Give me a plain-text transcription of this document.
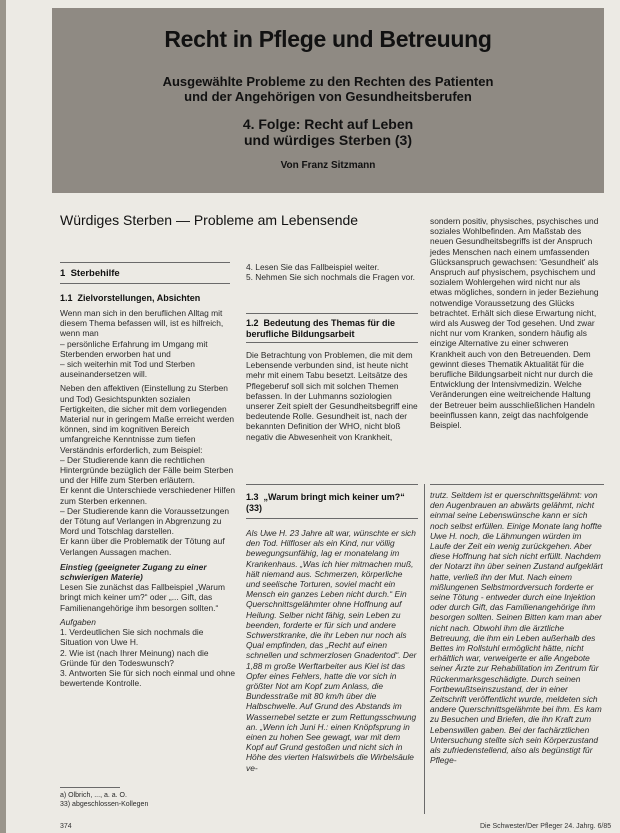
Recht in Pflege und Betreuung
Ausgewählte Probleme zu den Rechten des Patienten
und der Angehörigen von Gesundheitsberufen
4. Folge: Recht auf Leben
und würdiges Sterben (3)
Von Franz Sitzmann
Würdiges Sterben — Probleme am Lebensende
1 Sterbehilfe
1.1 Zielvorstellungen, Absichten

Wenn man sich in den beruflichen Alltag mit diesem Thema befassen will, ist es hilfreich, wenn man

– persönliche Erfahrung im Umgang mit Sterbenden erworben hat und

– sich weiterhin mit Tod und Sterben auseinandersetzen will.

Neben den affektiven (Einstellung zu Sterben und Tod) Gesichtspunkten sozialen Fertigkeiten, die sicher mit dem vorliegenden Material nur in geringem Maße erreicht werden können, sind im kognitiven Bereich umfangreiche Kenntnisse zum tiefen Verständnis erforderlich, zum Beispiel:

– Der Studierende kann die rechtlichen Hintergründe bezüglich der Fälle beim Sterben und der Hilfe zum Sterben erläutern.

Er kennt die Unterschiede verschiedener Hilfen zum Sterben erkennen.

– Der Studierende kann die Voraussetzungen der Tötung auf Verlangen in Abgrenzung zu Mord und Totschlag darstellen.

Er kann über die Problematik der Tötung auf Verlangen Aussagen machen.

Einstieg (geeigneter Zugang zu einer schwierigen Materie)

Lesen Sie zunächst das Fallbeispiel „Warum bringt mich keiner um?“ oder „... Gift, das Familienangehörige ihm besorgen sollten.“

Aufgaben

1. Verdeutlichen Sie sich nochmals die Situation von Uwe H.

2. Wie ist (nach Ihrer Meinung) nach die Gründe für den Todeswunsch?

3. Antworten Sie für sich noch einmal und ohne bewertende Kontrolle.

a) Olbrich, ..., a. a. O.

33) abgeschlossen-Kollegen

4. Lesen Sie das Fallbeispiel weiter.

5. Nehmen Sie sich nochmals die Fragen vor.

1.2 Bedeutung des Themas für die berufliche Bildungsarbeit
Die Betrachtung von Problemen, die mit dem Lebensende verbunden sind, ist heute nicht mehr mit einem Tabu besetzt. Leitsätze des Pflegeberuf soll sich mit solchen Themen befassen. In der Luhmanns soziologien unserer Zeit spielt der Gesundheitsbegriff eine bedeutende Rolle. Gesundheit ist, nach der bekannten Definition der WHO, nicht bloß negativ die Abwesenheit von Krankheit,
1.3 „Warum bringt mich keiner um?“ (33)
Als Uwe H. 23 Jahre alt war, wünschte er sich den Tod. Hilfloser als ein Kind, nur völlig bewegungsunfähig, lag er monatelang im Krankenhaus. „Was ich hier mitmachen muß, hält niemand aus. Schmerzen, körperliche und seelische Torturen, soviel macht ein Mensch ein ganzes Leben nicht durch.“ Ein Querschnittsgelähmter ohne Hoffnung auf Heilung. Selber nicht fähig, sein Leben zu beenden, forderte er für sich und andere Schwerstkranke, die ihr Leben nur noch als Qual empfinden, das „Recht auf einen schnellen und schmerzlosen Gnadentod“. Der 1,88 m große Werftarbeiter aus Kiel ist das Opfer eines Fehlers, hatte die vor sich in größter Not am Kopf zum Anlass, die Bundesstraße mit 80 km/h über die Halbschwelle. Auf Grund des Abstands im Wassernebel setzte er zum Rettungsschwung an. „Wenn ich Juni H.: einen Knöpfsprung in einen zu hohen See gewagt, war mit dem Kopf auf Grund gestoßen und nicht sich in Höhe des vierten Halswirbels die Wirbelsäule ve-
sondern positiv, physisches, psychisches und soziales Wohlbefinden. Am Maßstab des neuen Gesundheitsbegriffs ist der Anspruch jedes Menschen nach einem umfassenden Glücksanspruch gewachsen: 'Gesundheit' als Anspruch auf physischem, psychischem und sozialem Wohlergehen wird nicht nur als etwas mögliches, sondern in jeder Beziehung notwendige Voraussetzung des Glücks betrachtet. Erhält sich diese Erwartung nicht, wird als Ausweg der Tod gesehen. Und zwar nicht nur vom Kranken, sondern häufig als einzige Alternative zu einer schweren Krankheit auch von den Betreuenden. Dem gewinnt dieses Thematik Aktualität für die berufliche Bildungsarbeit nicht nur durch die Entwicklung der Intensivmedizin. Welche Veränderungen eine weitreichende Haltung der Betreuer beim ausschließlichen Handeln beeinflussen kann, zeigt das nachfolgende Beispiel.
trutz. Seitdem ist er querschnittsgelähmt: von den Augenbrauen an abwärts gelähmt, nicht einmal seine Lebenswünsche kann er sich noch selbst erfüllen. Einige Monate lang hoffte Uwe H. noch, die Lähmungen würden im Laufe der Zeit ein wenig zurückgehen. Aber diese Hoffnung hat sich nicht erfüllt. Nachdem der Notarzt ihn über seinen Zustand aufgeklärt hatte, verließ ihn der Mut. Nach einem mißlungenen Selbstmordversuch forderte er seine Tötung - entweder durch eine Injektion oder durch Gift, das Familienangehörige ihm besorgen sollten. Seinen Bitten kam man aber nicht nach. Obwohl ihm die ärztliche Betreuung, die ihm ein Leben außerhalb des Bettes im Rollstuhl ermöglicht hätte, nicht erhältlich war, verweigerte er alle Angebote seiner Ärzte zur Rehabilitation im Zentrum für Rückenmarksgeschädigte. Durch seinen Fortbewußtseinszustand, der in einer Zeitschrift veröffentlicht wurde, meldeten sich andere Querschnittsgelähmte bei ihm. Es kam zu Besuchen und Briefen, die ihn Kraft zum Lebenswillen gaben. Bei der fachärztlichen Untersuchung stellte sich sein Körperzustand als zufriedenstellend, also als begünstigt für Pflege-
374	Die Schwester/Der Pfleger 24. Jahrg. 6/85
